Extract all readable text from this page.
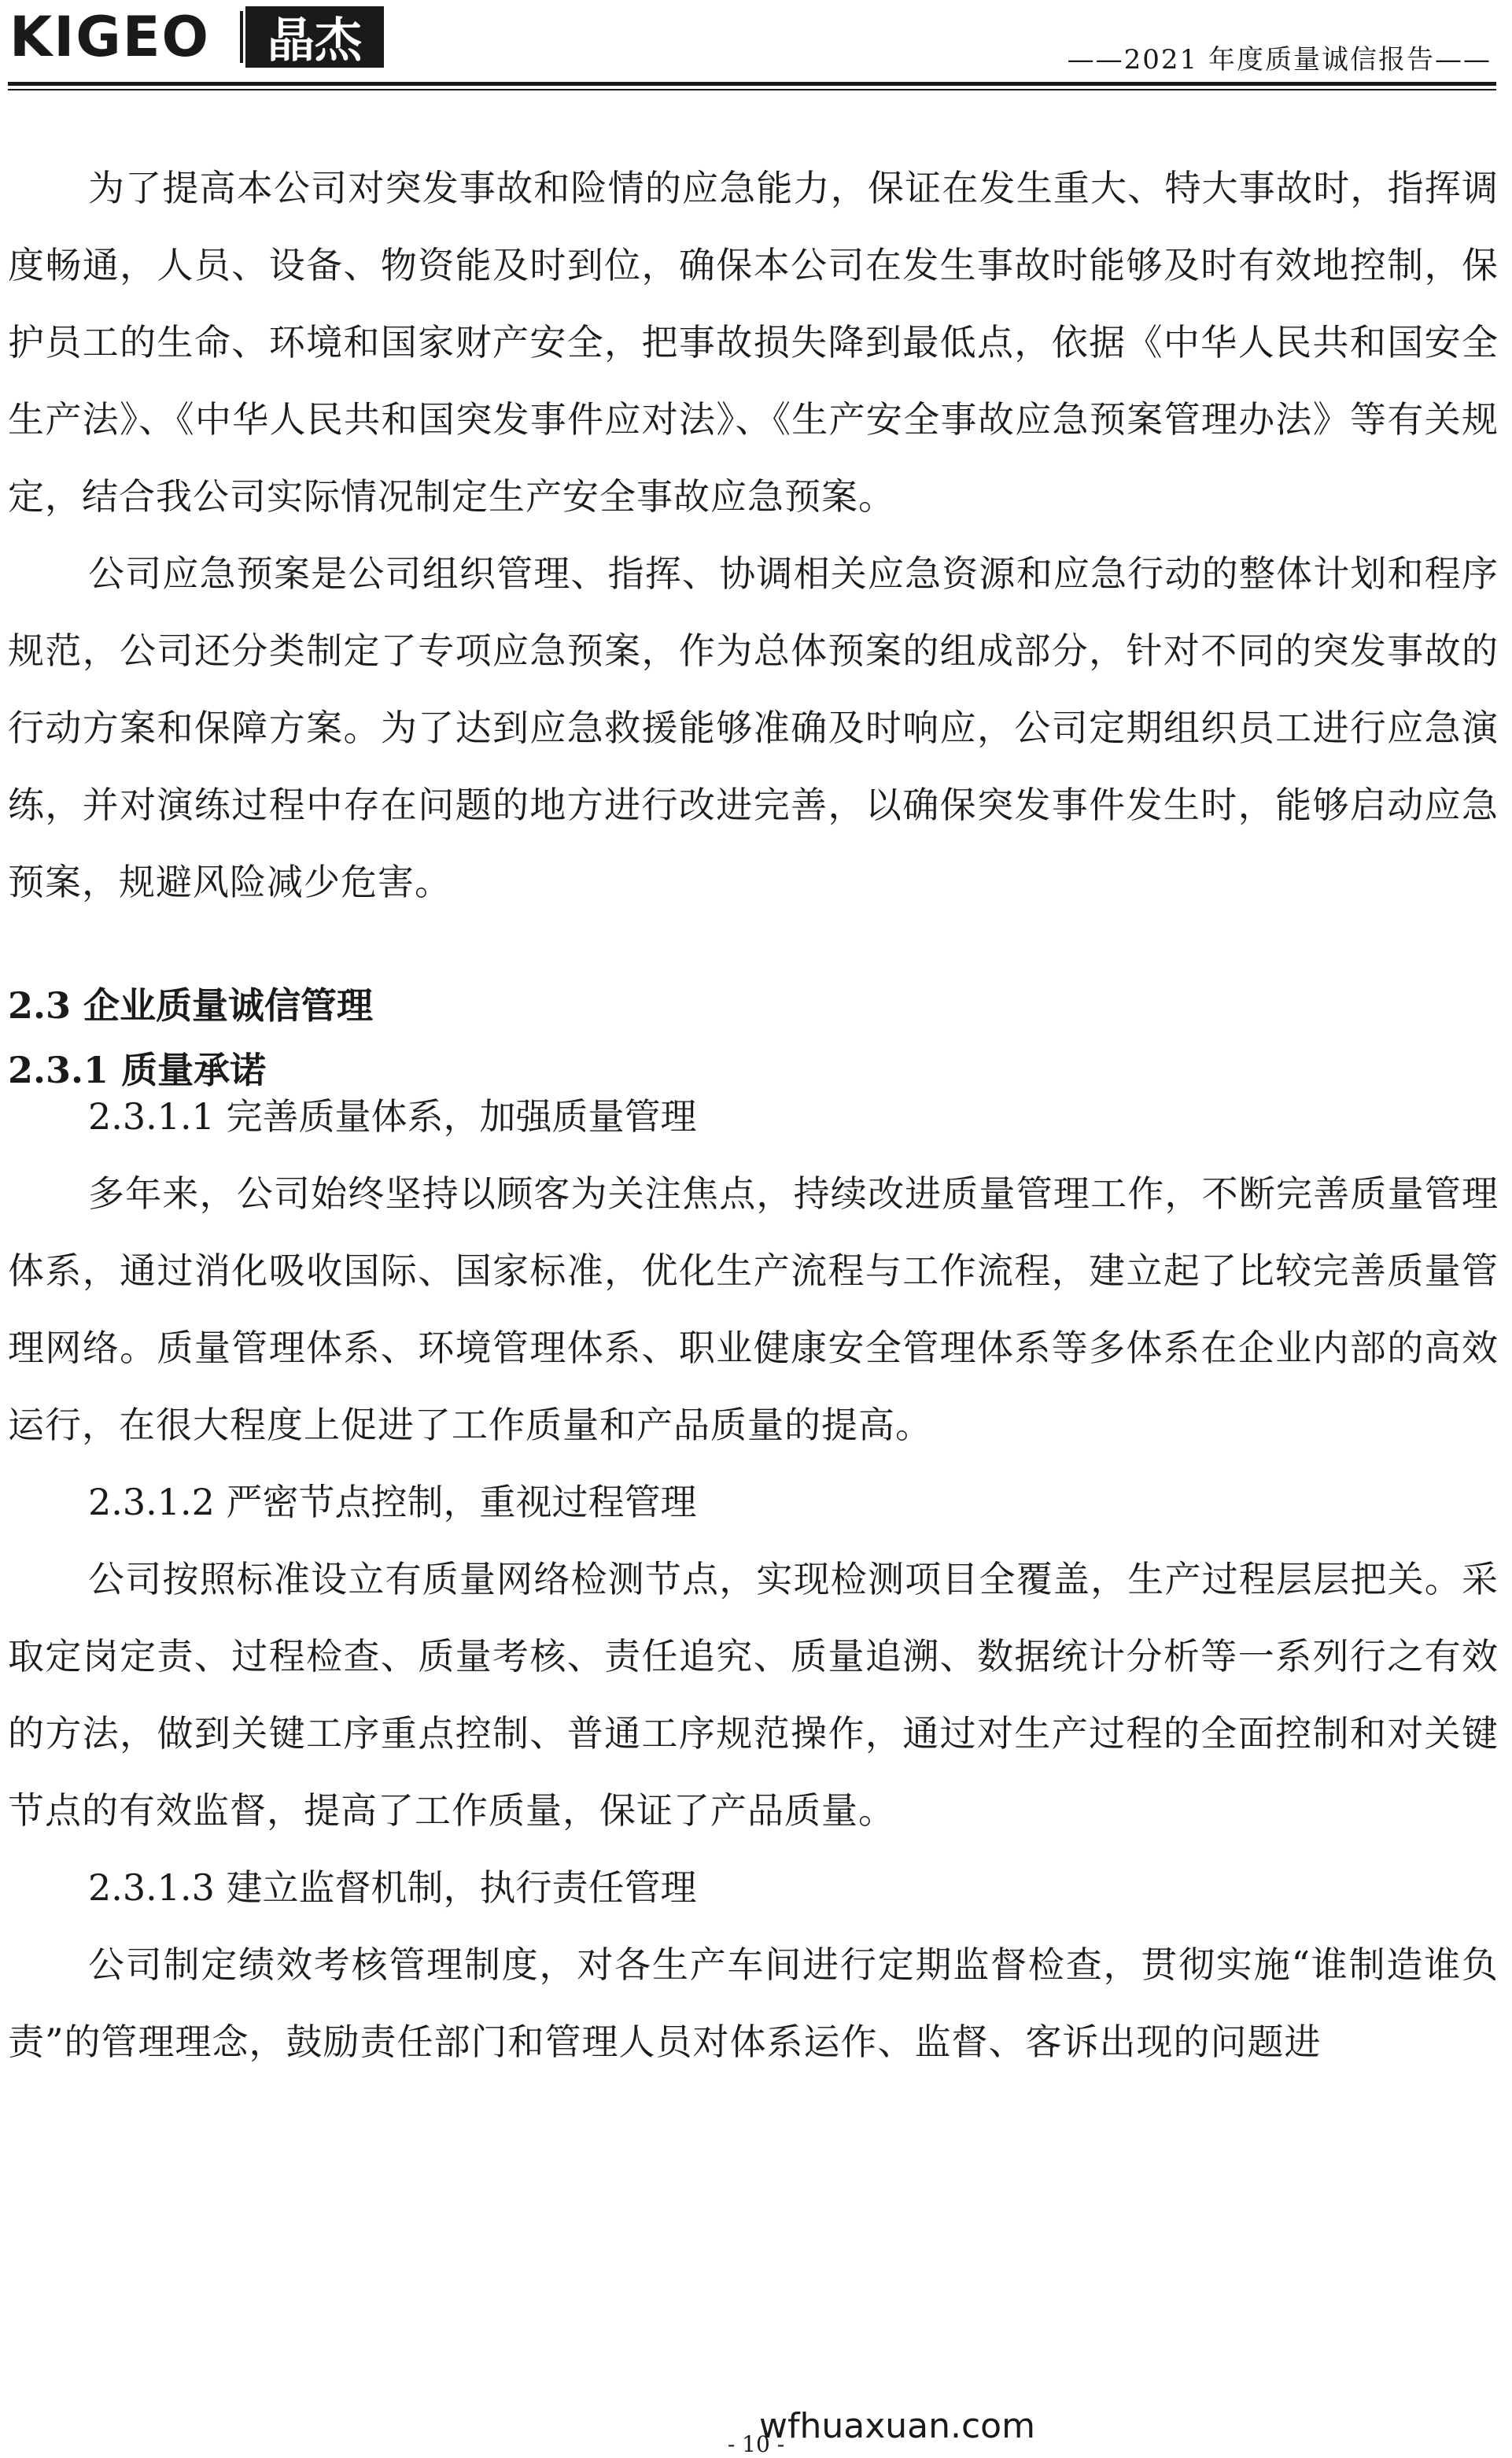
KIGEO	晶杰	——2021 年度质量诚信报告——

为了提高本公司对突发事故和险情的应急能力，保证在发生重大、特大事故时，指挥调度畅通，人员、设备、物资能及时到位，确保本公司在发生事故时能够及时有效地控制，保护员工的生命、环境和国家财产安全，把事故损失降到最低点，依据《中华人民共和国安全生产法》、《中华人民共和国突发事件应对法》、《生产安全事故应急预案管理办法》等有关规定，结合我公司实际情况制定生产安全事故应急预案。

公司应急预案是公司组织管理、指挥、协调相关应急资源和应急行动的整体计划和程序规范，公司还分类制定了专项应急预案，作为总体预案的组成部分，针对不同的突发事故的行动方案和保障方案。为了达到应急救援能够准确及时响应，公司定期组织员工进行应急演练，并对演练过程中存在问题的地方进行改进完善，以确保突发事件发生时，能够启动应急预案，规避风险减少危害。

2.3 企业质量诚信管理

2.3.1 质量承诺

2.3.1.1 完善质量体系，加强质量管理

多年来，公司始终坚持以顾客为关注焦点，持续改进质量管理工作，不断完善质量管理体系，通过消化吸收国际、国家标准，优化生产流程与工作流程，建立起了比较完善质量管理网络。质量管理体系、环境管理体系、职业健康安全管理体系等多体系在企业内部的高效运行，在很大程度上促进了工作质量和产品质量的提高。

2.3.1.2 严密节点控制，重视过程管理

公司按照标准设立有质量网络检测节点，实现检测项目全覆盖，生产过程层层把关。采取定岗定责、过程检查、质量考核、责任追究、质量追溯、数据统计分析等一系列行之有效的方法，做到关键工序重点控制、普通工序规范操作，通过对生产过程的全面控制和对关键节点的有效监督，提高了工作质量，保证了产品质量。

2.3.1.3 建立监督机制，执行责任管理

公司制定绩效考核管理制度，对各生产车间进行定期监督检查，贯彻实施“谁制造谁负责”的管理理念，鼓励责任部门和管理人员对体系运作、监督、客诉出现的问题进

- 10 -
wfhuaxuan.com
